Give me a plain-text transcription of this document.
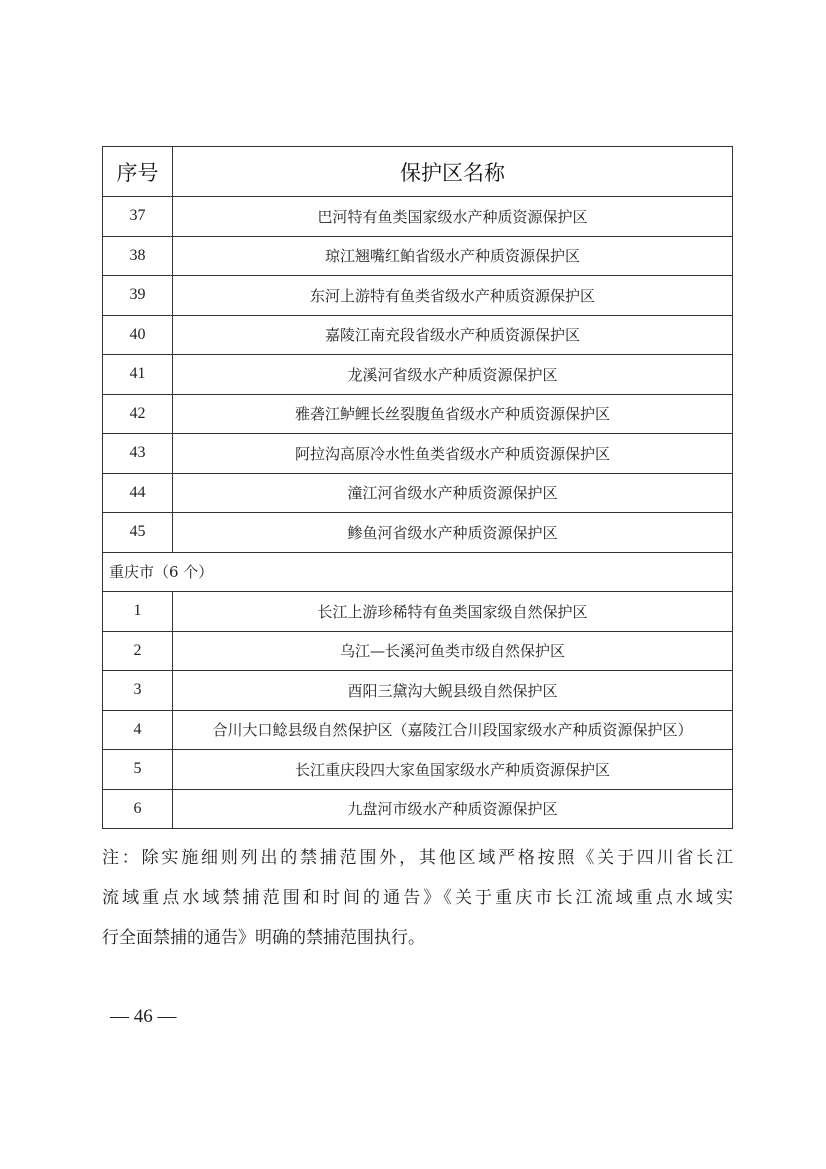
序号	保护区名称
37	巴河特有鱼类国家级水产种质资源保护区
38	琼江翘嘴红鲌省级水产种质资源保护区
39	东河上游特有鱼类省级水产种质资源保护区
40	嘉陵江南充段省级水产种质资源保护区
41	龙溪河省级水产种质资源保护区
42	雅砻江鲈鲤长丝裂腹鱼省级水产种质资源保护区
43	阿拉沟高原冷水性鱼类省级水产种质资源保护区
44	潼江河省级水产种质资源保护区
45	鲹鱼河省级水产种质资源保护区
重庆市（6 个）	
1	长江上游珍稀特有鱼类国家级自然保护区
2	乌江—长溪河鱼类市级自然保护区
3	酉阳三黛沟大鲵县级自然保护区
4	合川大口鲶县级自然保护区（嘉陵江合川段国家级水产种质资源保护区）
5	长江重庆段四大家鱼国家级水产种质资源保护区
6	九盘河市级水产种质资源保护区
注：除实施细则列出的禁捕范围外，其他区域严格按照《关于四川省长江
流域重点水域禁捕范围和时间的通告》《关于重庆市长江流域重点水域实
行全面禁捕的通告》明确的禁捕范围执行。
— 46 —
